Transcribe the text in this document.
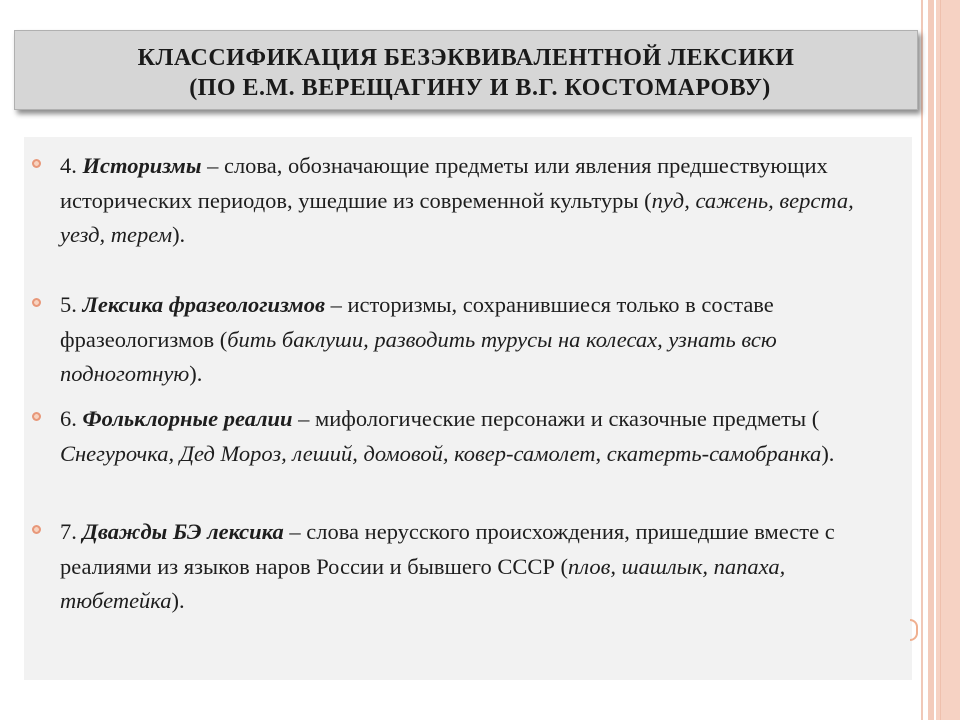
КЛАССИФИКАЦИЯ БЕЗЭКВИВАЛЕНТНОЙ ЛЕКСИКИ
(ПО Е.М. ВЕРЕЩАГИНУ И В.Г. КОСТОМАРОВУ)
4. Историзмы – слова, обозначающие предметы или явления предшествующих исторических периодов, ушедшие из современной культуры (пуд, сажень, верста, уезд, терем).
5. Лексика фразеологизмов – историзмы, сохранившиеся только в составе фразеологизмов (бить баклуши, разводить турусы на колесах, узнать всю подноготную).
6. Фольклорные реалии – мифологические персонажи и сказочные предметы ( Снегурочка, Дед Мороз, леший, домовой, ковер-самолет, скатерть-самобранка).
7. Дважды БЭ лексика – слова нерусского происхождения, пришедшие вместе с реалиями из языков наров России и бывшего СССР (плов, шашлык, папаха, тюбетейка).
